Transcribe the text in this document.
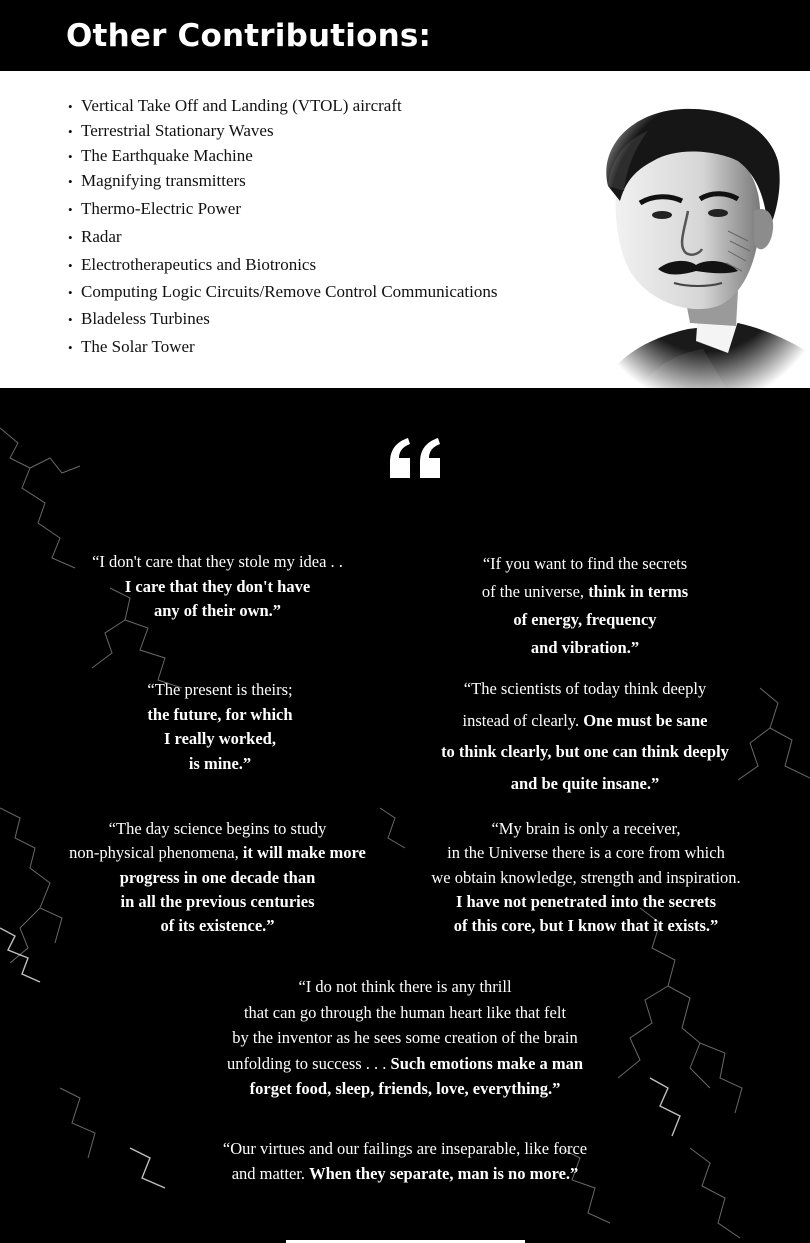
Other Contributions:
• Vertical Take Off and Landing (VTOL) aircraft
• Terrestrial Stationary Waves
• The Earthquake Machine
• Magnifying transmitters
• Thermo-Electric Power
• Radar
• Electrotherapeutics and Biotronics
• Computing Logic Circuits/Remove Control Communications
• Bladeless Turbines
• The Solar Tower
“I don't care that they stole my idea . .
I care that they don't have
any of their own.”
“If you want to find the secrets
of the universe, think in terms
of energy, frequency
and vibration.”
“The present is theirs;
the future, for which
I really worked,
is mine.”
“The scientists of today think deeply
instead of clearly. One must be sane
to think clearly, but one can think deeply
and be quite insane.”
“The day science begins to study
non-physical phenomena, it will make more
progress in one decade than
in all the previous centuries
of its existence.”
“My brain is only a receiver,
in the Universe there is a core from which
we obtain knowledge, strength and inspiration.
I have not penetrated into the secrets
of this core, but I know that it exists.”
“I do not think there is any thrill
that can go through the human heart like that felt
by the inventor as he sees some creation of the brain
unfolding to success . . . Such emotions make a man
forget food, sleep, friends, love, everything.”
“Our virtues and our failings are inseparable, like force
and matter. When they separate, man is no more.”
